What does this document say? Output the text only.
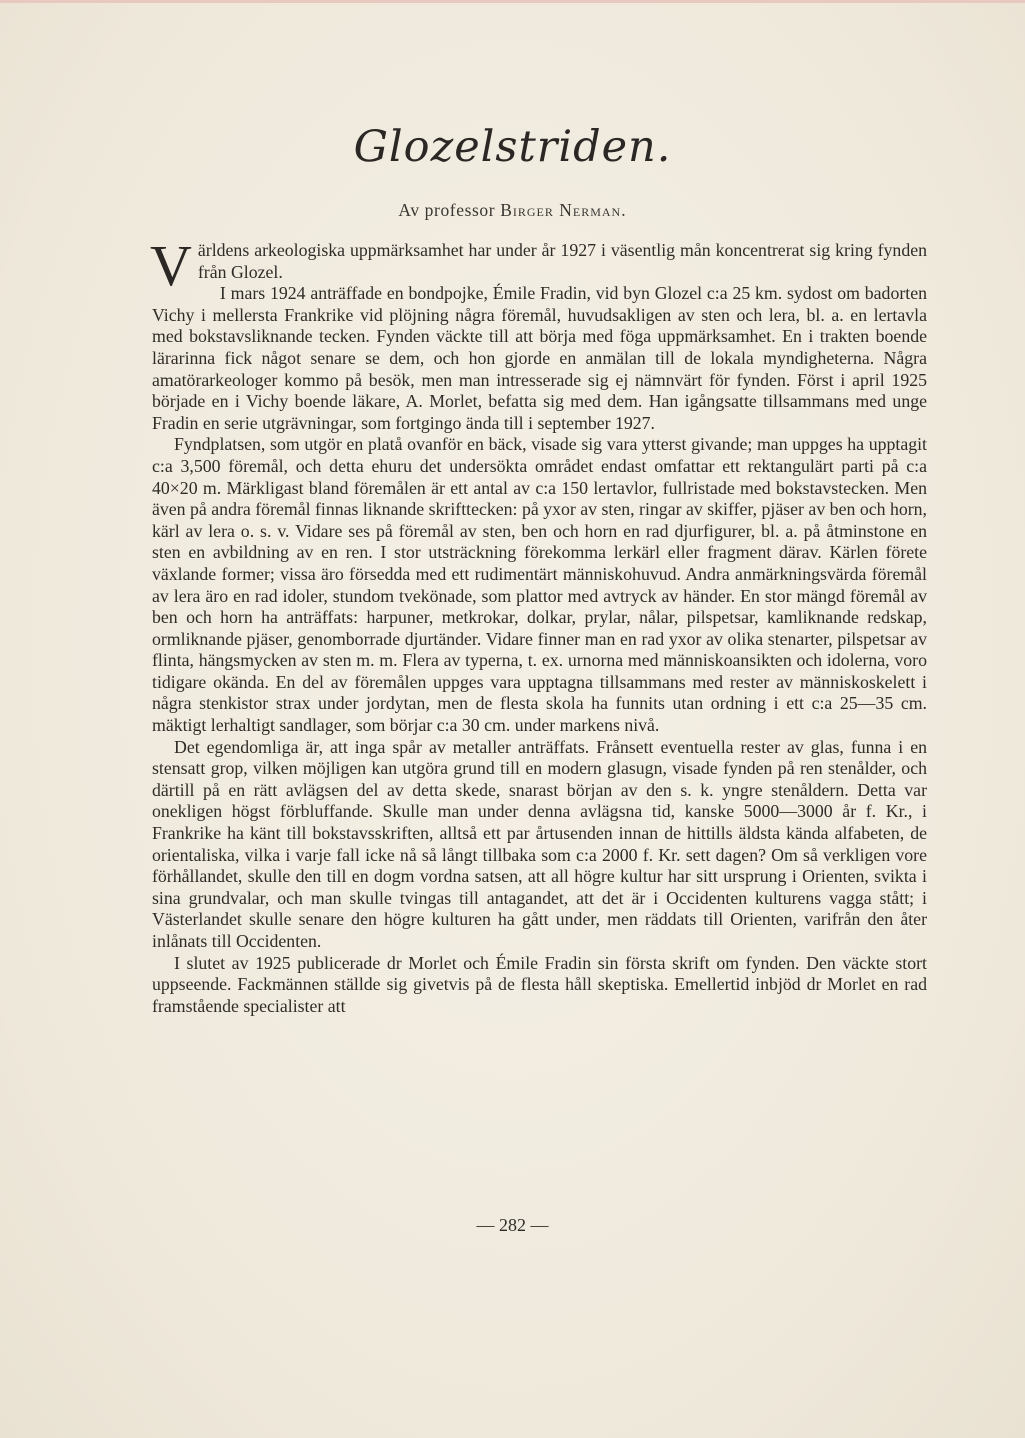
Glozelstriden.
Av professor Birger Nerman.

Världens arkeologiska uppmärksamhet har under år 1927 i väsentlig mån koncentrerat sig kring fynden från Glozel.

I mars 1924 anträffade en bondpojke, Émile Fradin, vid byn Glozel c:a 25 km. sydost om badorten Vichy i mellersta Frankrike vid plöjning några föremål, huvudsakligen av sten och lera, bl. a. en lertavla med bokstavsliknande tecken. Fynden väckte till att börja med föga uppmärksamhet. En i trakten boende lärarinna fick något senare se dem, och hon gjorde en anmälan till de lokala myndigheterna. Några amatörarkeologer kommo på besök, men man intresserade sig ej nämnvärt för fynden. Först i april 1925 började en i Vichy boende läkare, A. Morlet, befatta sig med dem. Han igångsatte tillsammans med unge Fradin en serie utgrävningar, som fortgingo ända till i september 1927.

Fyndplatsen, som utgör en platå ovanför en bäck, visade sig vara ytterst givande; man uppges ha upptagit c:a 3,500 föremål, och detta ehuru det undersökta området endast omfattar ett rektangulärt parti på c:a 40×20 m. Märkligast bland föremålen är ett antal av c:a 150 lertavlor, fullristade med bokstavstecken. Men även på andra föremål finnas liknande skrifttecken: på yxor av sten, ringar av skiffer, pjäser av ben och horn, kärl av lera o. s. v. Vidare ses på föremål av sten, ben och horn en rad djurfigurer, bl. a. på åtminstone en sten en avbildning av en ren. I stor utsträckning förekomma lerkärl eller fragment därav. Kärlen förete växlande former; vissa äro försedda med ett rudimentärt människohuvud. Andra anmärkningsvärda föremål av lera äro en rad idoler, stundom tvekönade, som plattor med avtryck av händer. En stor mängd föremål av ben och horn ha anträffats: harpuner, metkrokar, dolkar, prylar, nålar, pilspetsar, kamliknande redskap, ormliknande pjäser, genomborrade djurtänder. Vidare finner man en rad yxor av olika stenarter, pilspetsar av flinta, hängsmycken av sten m. m. Flera av typerna, t. ex. urnorna med människoansikten och idolerna, voro tidigare okända. En del av föremålen uppges vara upptagna tillsammans med rester av människoskelett i några stenkistor strax under jordytan, men de flesta skola ha funnits utan ordning i ett c:a 25—35 cm. mäktigt lerhaltigt sandlager, som börjar c:a 30 cm. under markens nivå.

Det egendomliga är, att inga spår av metaller anträffats. Frånsett eventuella rester av glas, funna i en stensatt grop, vilken möjligen kan utgöra grund till en modern glasugn, visade fynden på ren stenålder, och därtill på en rätt avlägsen del av detta skede, snarast början av den s. k. yngre stenåldern. Detta var onekligen högst förbluffande. Skulle man under denna avlägsna tid, kanske 5000—3000 år f. Kr., i Frankrike ha känt till bokstavsskriften, alltså ett par årtusenden innan de hittills äldsta kända alfabeten, de orientaliska, vilka i varje fall icke nå så långt tillbaka som c:a 2000 f. Kr. sett dagen? Om så verkligen vore förhållandet, skulle den till en dogm vordna satsen, att all högre kultur har sitt ursprung i Orienten, svikta i sina grundvalar, och man skulle tvingas till antagandet, att det är i Occidenten kulturens vagga stått; i Västerlandet skulle senare den högre kulturen ha gått under, men räddats till Orienten, varifrån den åter inlånats till Occidenten.

I slutet av 1925 publicerade dr Morlet och Émile Fradin sin första skrift om fynden. Den väckte stort uppseende. Fackmännen ställde sig givetvis på de flesta håll skeptiska. Emellertid inbjöd dr Morlet en rad framstående specialister att

— 282 —
